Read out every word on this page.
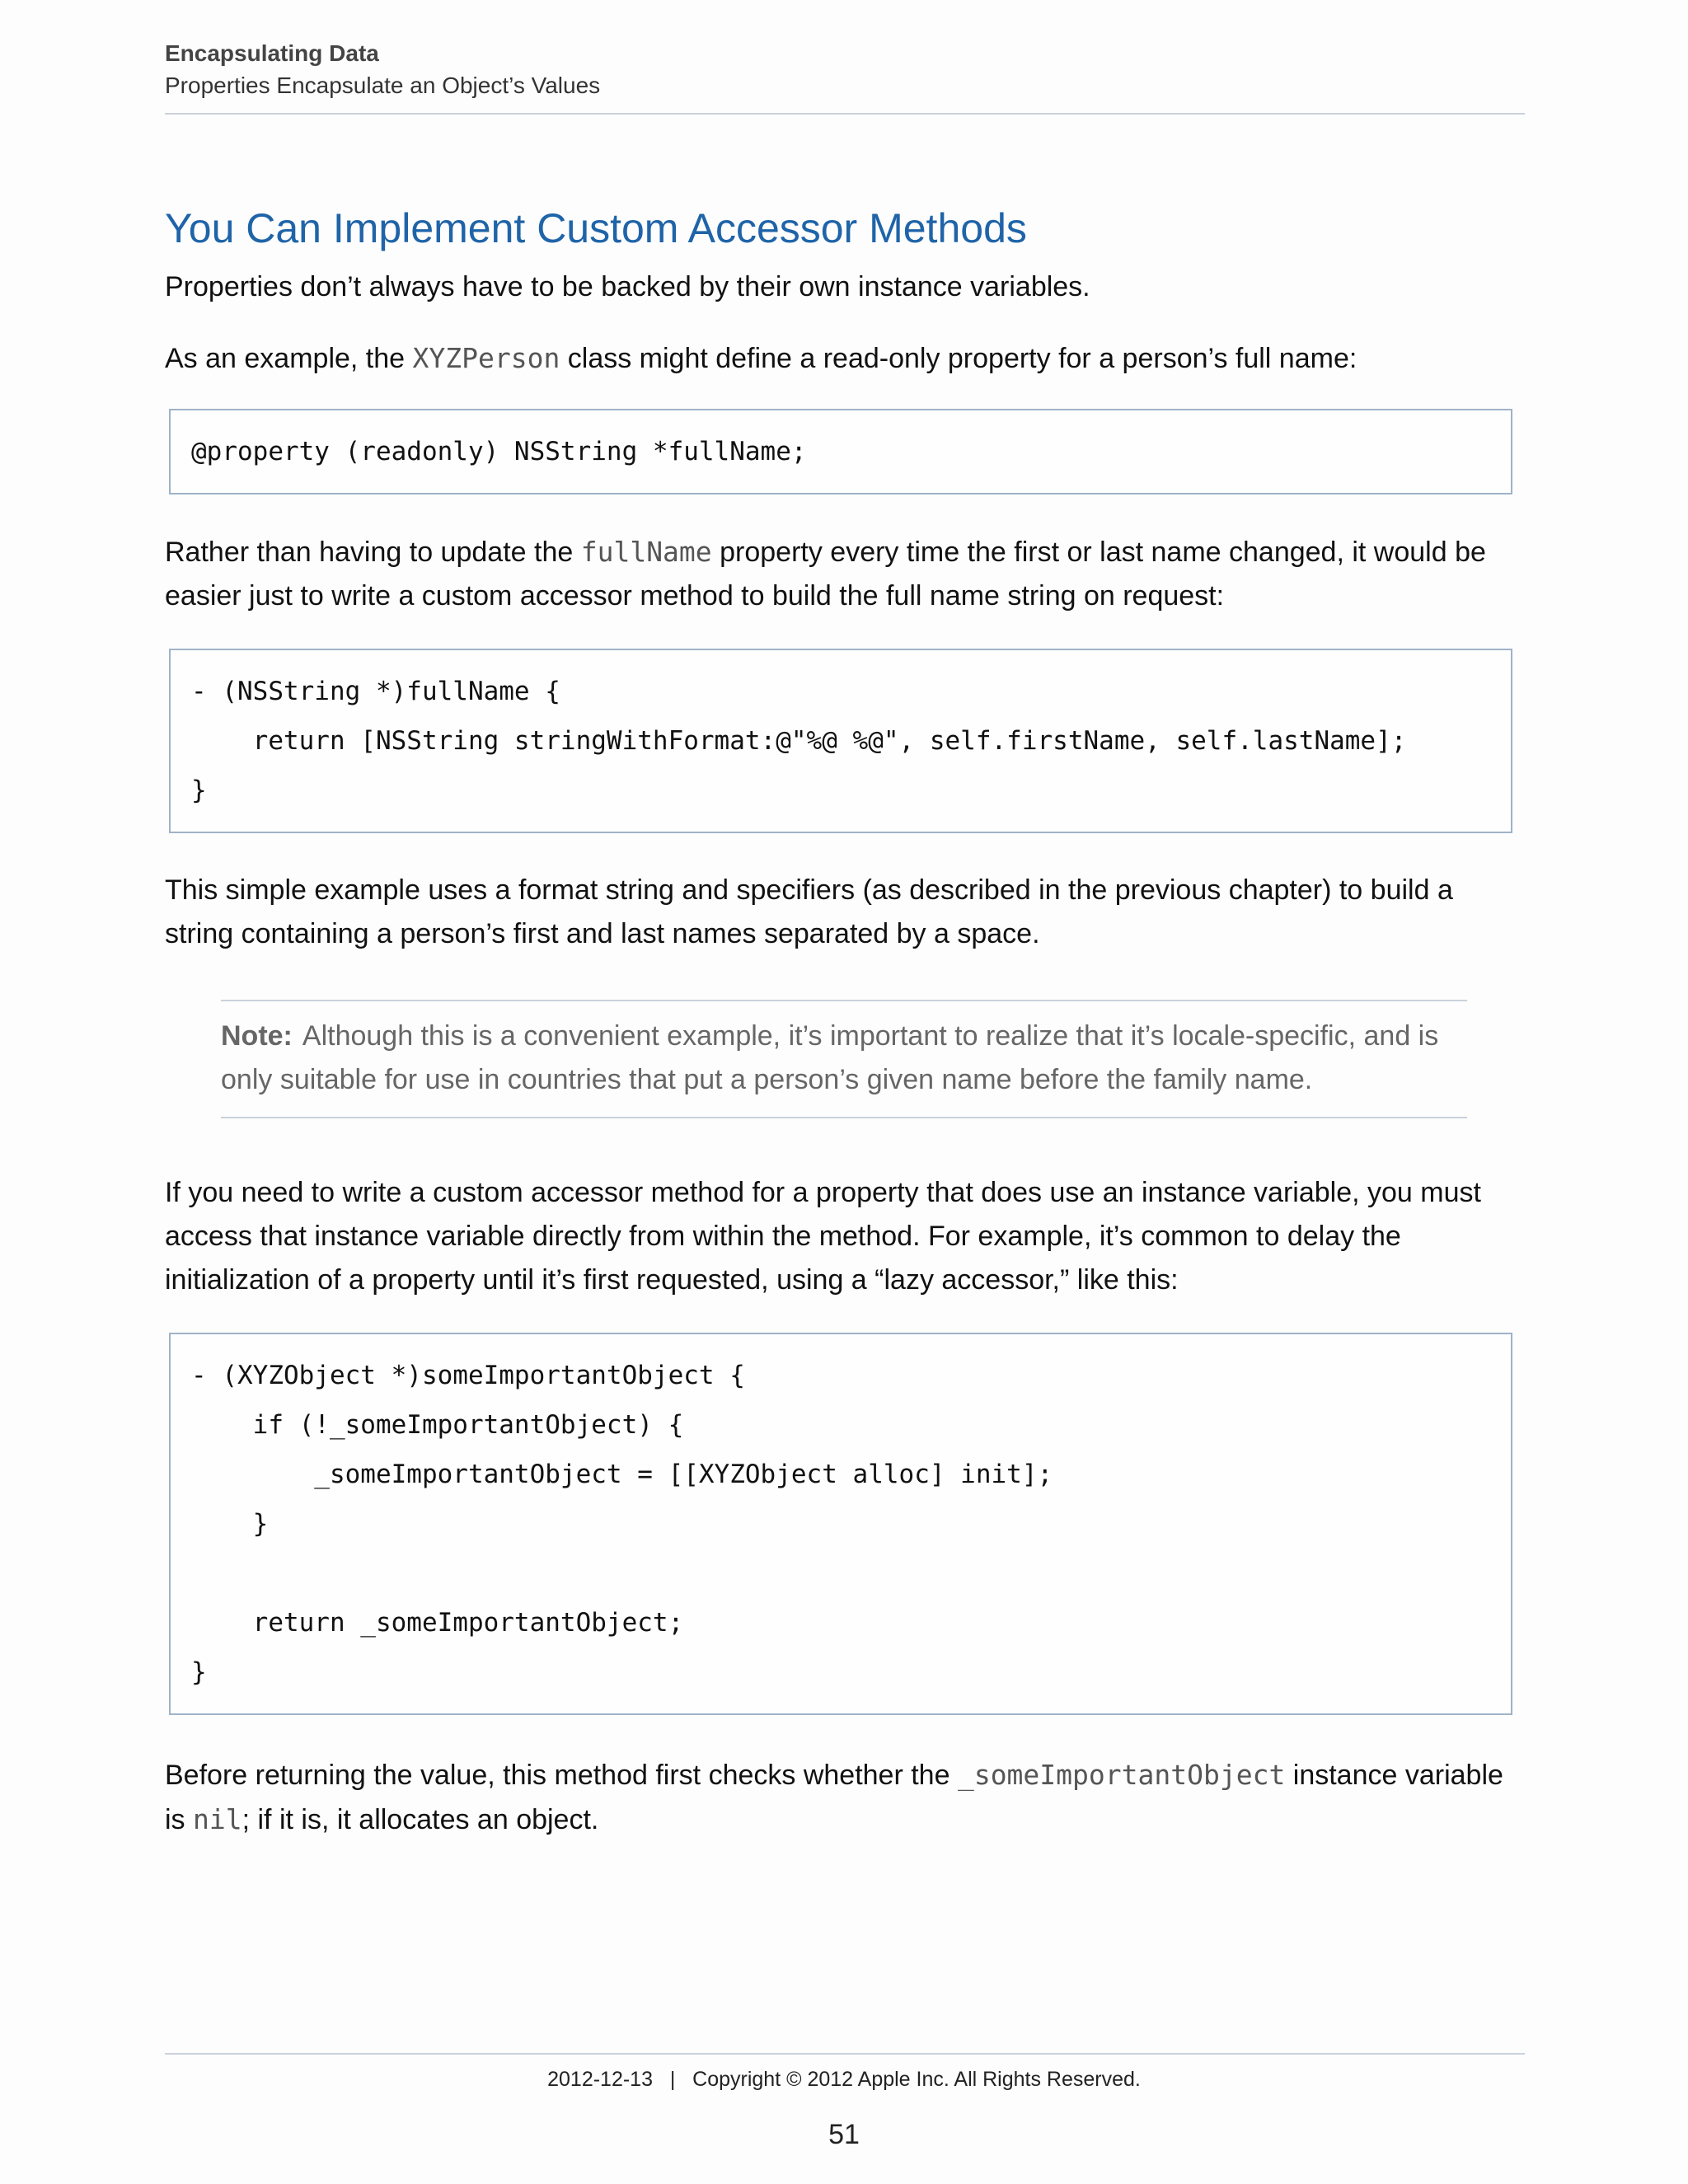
Encapsulating Data
Properties Encapsulate an Object’s Values
You Can Implement Custom Accessor Methods

Properties don’t always have to be backed by their own instance variables.

As an example, the XYZPerson class might define a read-only property for a person’s full name:

@property (readonly) NSString *fullName;

Rather than having to update the fullName property every time the first or last name changed, it would be easier just to write a custom accessor method to build the full name string on request:

- (NSString *)fullName {
return [NSString stringWithFormat:@"%@ %@", self.firstName, self.lastName];
}

This simple example uses a format string and specifiers (as described in the previous chapter) to build a string containing a person’s first and last names separated by a space.

Note: Although this is a convenient example, it’s important to realize that it’s locale-specific, and is only suitable for use in countries that put a person’s given name before the family name.

If you need to write a custom accessor method for a property that does use an instance variable, you must access that instance variable directly from within the method. For example, it’s common to delay the initialization of a property until it’s first requested, using a “lazy accessor,” like this:

- (XYZObject *)someImportantObject {
if (!_someImportantObject) {
_someImportantObject = [[XYZObject alloc] init];
}
return _someImportantObject;
}

Before returning the value, this method first checks whether the _someImportantObject instance variable is nil; if it is, it allocates an object.

2012-12-13   |   Copyright © 2012 Apple Inc. All Rights Reserved.
51
